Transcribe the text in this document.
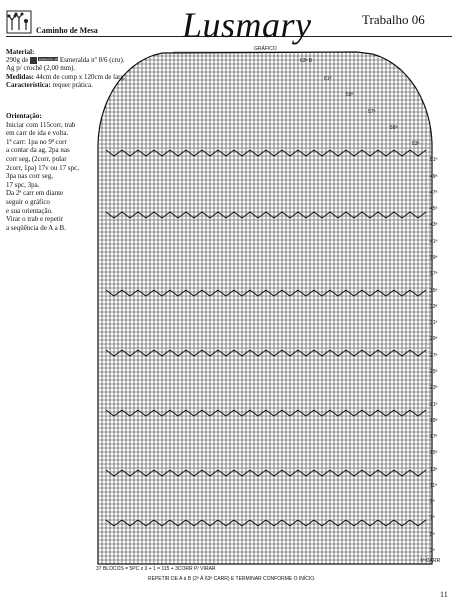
Caminho de Mesa Lusmary	Trabalho 06
Material:
290g de	BARBANTE SÃO JOÃO
Esmeralda nº 8/6 (cru).
Ag p/ crochê (2,00 mm).
Medidas: 44cm de comp x 120cm de larg.
Característica: requer prática.
Orientação:
Iniciar com 115corr, trab
em carr de ida e volta.
1ª carr: 1pa no 9ª corr
a contar da ag, 2pa nas
corr seg, (2corr, pular
2corr, 1pa) 17v ou 17 spc,
3pa nas corr seg,
17 spc, 3pa.
Da 2ª carr em diante
seguir o gráfico
e sua orientação.
Virar o trab e repetir
a seqüência de A a B.
GRÁFICO
63ª B
61ª
59ª
57ª
55ª
53ª
51ª
49ª
47ª
45ª
43ª
41ª
39ª
37ª
35ª
33ª
31ª
29ª
27ª
25ª
23ª
21ª
19ª
17ª
15ª
13ª
11ª
9ª
7ª
5ª
3ª
1ª CARR
37 BLOCOS = 5PC x 3 + 1 = 115 + 3CORR P/ VIRAR
REPETIR DE A à B (2ª À 63ª CARR) E TERMINAR CONFORME O INÍCIO.
11
